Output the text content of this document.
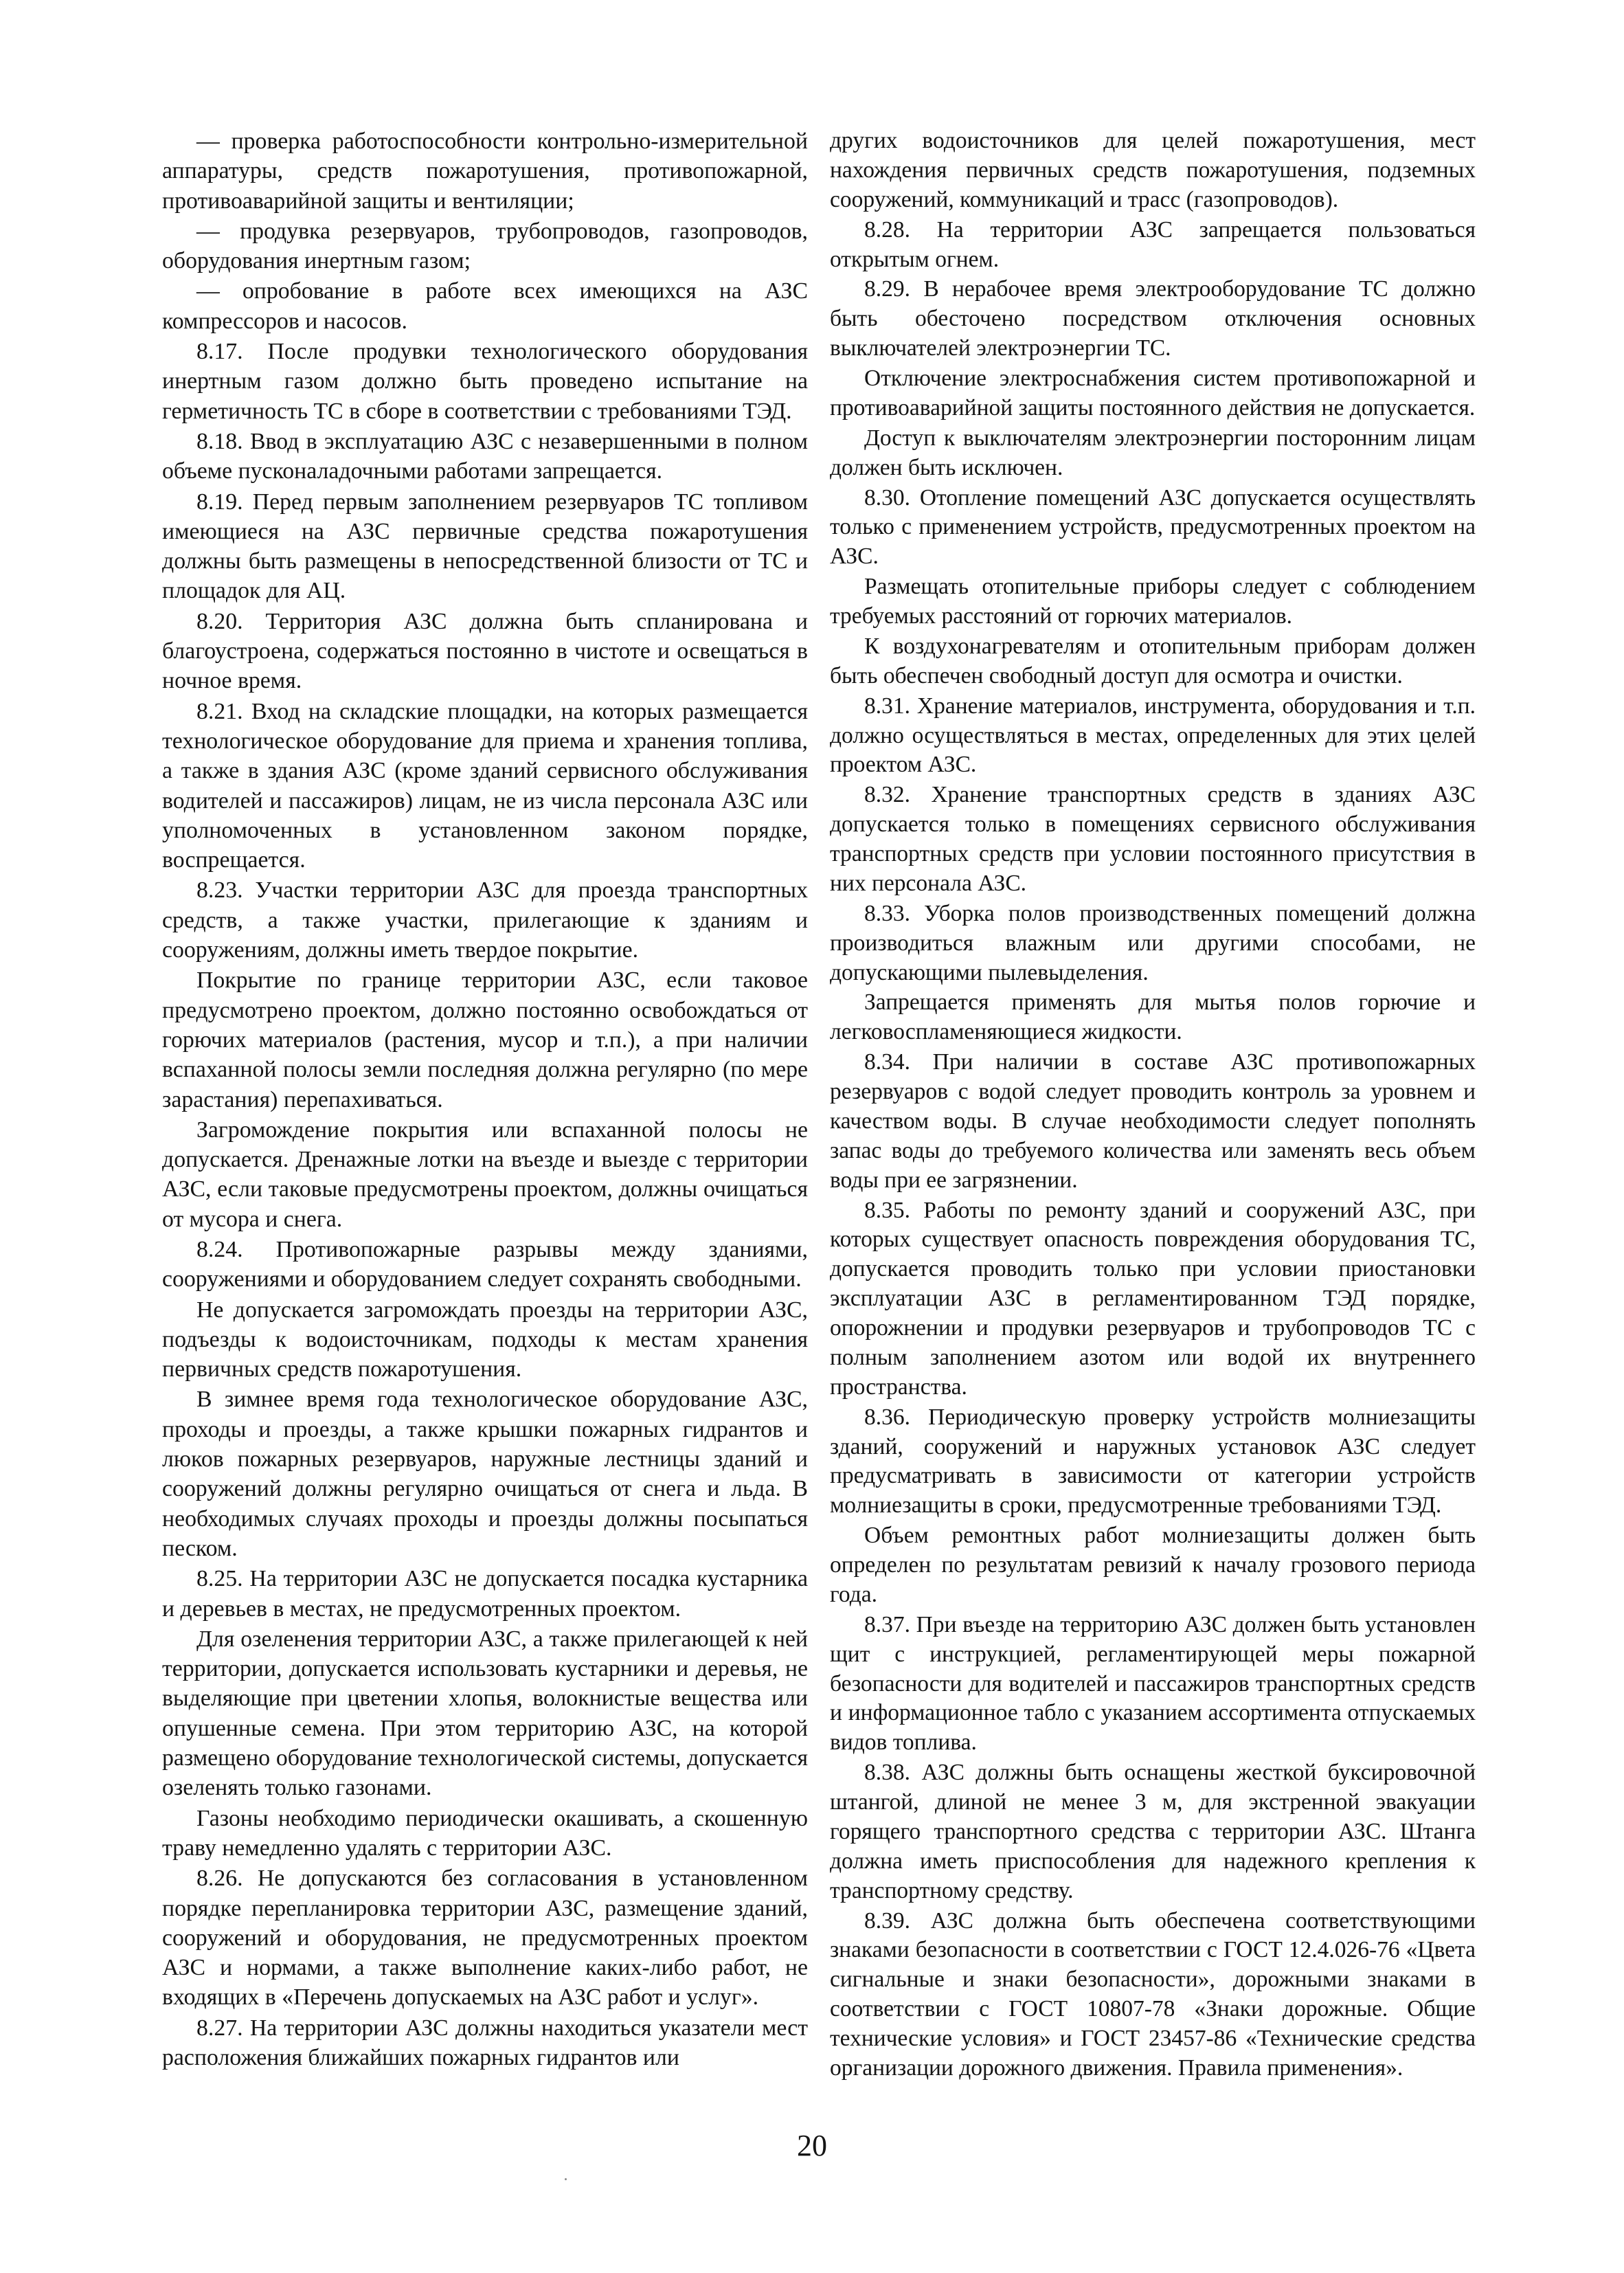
— проверка работоспособности контрольно-измерительной аппаратуры, средств пожаротушения, противопожарной, противоаварийной защиты и вентиляции;

— продувка резервуаров, трубопроводов, газопроводов, оборудования инертным газом;

— опробование в работе всех имеющихся на АЗС компрессоров и насосов.

8.17. После продувки технологического оборудования инертным газом должно быть проведено испытание на герметичность ТС в сборе в соответствии с требованиями ТЭД.

8.18. Ввод в эксплуатацию АЗС с незавершенными в полном объеме пусконаладочными работами запрещается.

8.19. Перед первым заполнением резервуаров ТС топливом имеющиеся на АЗС первичные средства пожаротушения должны быть размещены в непосредственной близости от ТС и площадок для АЦ.

8.20. Территория АЗС должна быть спланирована и благоустроена, содержаться постоянно в чистоте и освещаться в ночное время.

8.21. Вход на складские площадки, на которых размещается технологическое оборудование для приема и хранения топлива, а также в здания АЗС (кроме зданий сервисного обслуживания водителей и пассажиров) лицам, не из числа персонала АЗС или уполномоченных в установленном законом порядке, воспрещается.

8.23. Участки территории АЗС для проезда транспортных средств, а также участки, прилегающие к зданиям и сооружениям, должны иметь твердое покрытие.

Покрытие по границе территории АЗС, если таковое предусмотрено проектом, должно постоянно освобождаться от горючих материалов (растения, мусор и т.п.), а при наличии вспаханной полосы земли последняя должна регулярно (по мере зарастания) перепахиваться.

Загромождение покрытия или вспаханной полосы не допускается. Дренажные лотки на въезде и выезде с территории АЗС, если таковые предусмотрены проектом, должны очищаться от мусора и снега.

8.24. Противопожарные разрывы между зданиями, сооружениями и оборудованием следует сохранять свободными.

Не допускается загромождать проезды на территории АЗС, подъезды к водоисточникам, подходы к местам хранения первичных средств пожаротушения.

В зимнее время года технологическое оборудование АЗС, проходы и проезды, а также крышки пожарных гидрантов и люков пожарных резервуаров, наружные лестницы зданий и сооружений должны регулярно очищаться от снега и льда. В необходимых случаях проходы и проезды должны посыпаться песком.

8.25. На территории АЗС не допускается посадка кустарника и деревьев в местах, не предусмотренных проектом.

Для озеленения территории АЗС, а также прилегающей к ней территории, допускается использовать кустарники и деревья, не выделяющие при цветении хлопья, волокнистые вещества или опушенные семена. При этом территорию АЗС, на которой размещено оборудование технологической системы, допускается озеленять только газонами.

Газоны необходимо периодически окашивать, а скошенную траву немедленно удалять с территории АЗС.

8.26. Не допускаются без согласования в установленном порядке перепланировка территории АЗС, размещение зданий, сооружений и оборудования, не предусмотренных проектом АЗС и нормами, а также выполнение каких-либо работ, не входящих в «Перечень допускаемых на АЗС работ и услуг».

8.27. На территории АЗС должны находиться указатели мест расположения ближайших пожарных гидрантов или

других водоисточников для целей пожаротушения, мест нахождения первичных средств пожаротушения, подземных сооружений, коммуникаций и трасс (газопроводов).

8.28. На территории АЗС запрещается пользоваться открытым огнем.

8.29. В нерабочее время электрооборудование ТС должно быть обесточено посредством отключения основных выключателей электроэнергии ТС.

Отключение электроснабжения систем противопожарной и противоаварийной защиты постоянного действия не допускается.

Доступ к выключателям электроэнергии посторонним лицам должен быть исключен.

8.30. Отопление помещений АЗС допускается осуществлять только с применением устройств, предусмотренных проектом на АЗС.

Размещать отопительные приборы следует с соблюдением требуемых расстояний от горючих материалов.

К воздухонагревателям и отопительным приборам должен быть обеспечен свободный доступ для осмотра и очистки.

8.31. Хранение материалов, инструмента, оборудования и т.п. должно осуществляться в местах, определенных для этих целей проектом АЗС.

8.32. Хранение транспортных средств в зданиях АЗС допускается только в помещениях сервисного обслуживания транспортных средств при условии постоянного присутствия в них персонала АЗС.

8.33. Уборка полов производственных помещений должна производиться влажным или другими способами, не допускающими пылевыделения.

Запрещается применять для мытья полов горючие и легковоспламеняющиеся жидкости.

8.34. При наличии в составе АЗС противопожарных резервуаров с водой следует проводить контроль за уровнем и качеством воды. В случае необходимости следует пополнять запас воды до требуемого количества или заменять весь объем воды при ее загрязнении.

8.35. Работы по ремонту зданий и сооружений АЗС, при которых существует опасность повреждения оборудования ТС, допускается проводить только при условии приостановки эксплуатации АЗС в регламентированном ТЭД порядке, опорожнении и продувки резервуаров и трубопроводов ТС с полным заполнением азотом или водой их внутреннего пространства.

8.36. Периодическую проверку устройств молниезащиты зданий, сооружений и наружных установок АЗС следует предусматривать в зависимости от категории устройств молниезащиты в сроки, предусмотренные требованиями ТЭД.

Объем ремонтных работ молниезащиты должен быть определен по результатам ревизий к началу грозового периода года.

8.37. При въезде на территорию АЗС должен быть установлен щит с инструкцией, регламентирующей меры пожарной безопасности для водителей и пассажиров транспортных средств и информационное табло с указанием ассортимента отпускаемых видов топлива.

8.38. АЗС должны быть оснащены жесткой буксировочной штангой, длиной не менее 3 м, для экстренной эвакуации горящего транспортного средства с территории АЗС. Штанга должна иметь приспособления для надежного крепления к транспортному средству.

8.39. АЗС должна быть обеспечена соответствующими знаками безопасности в соответствии с ГОСТ 12.4.026-76 «Цвета сигнальные и знаки безопасности», дорожными знаками в соответствии с ГОСТ 10807-78 «Знаки дорожные. Общие технические условия» и ГОСТ 23457-86 «Технические средства организации дорожного движения. Правила применения».

20
